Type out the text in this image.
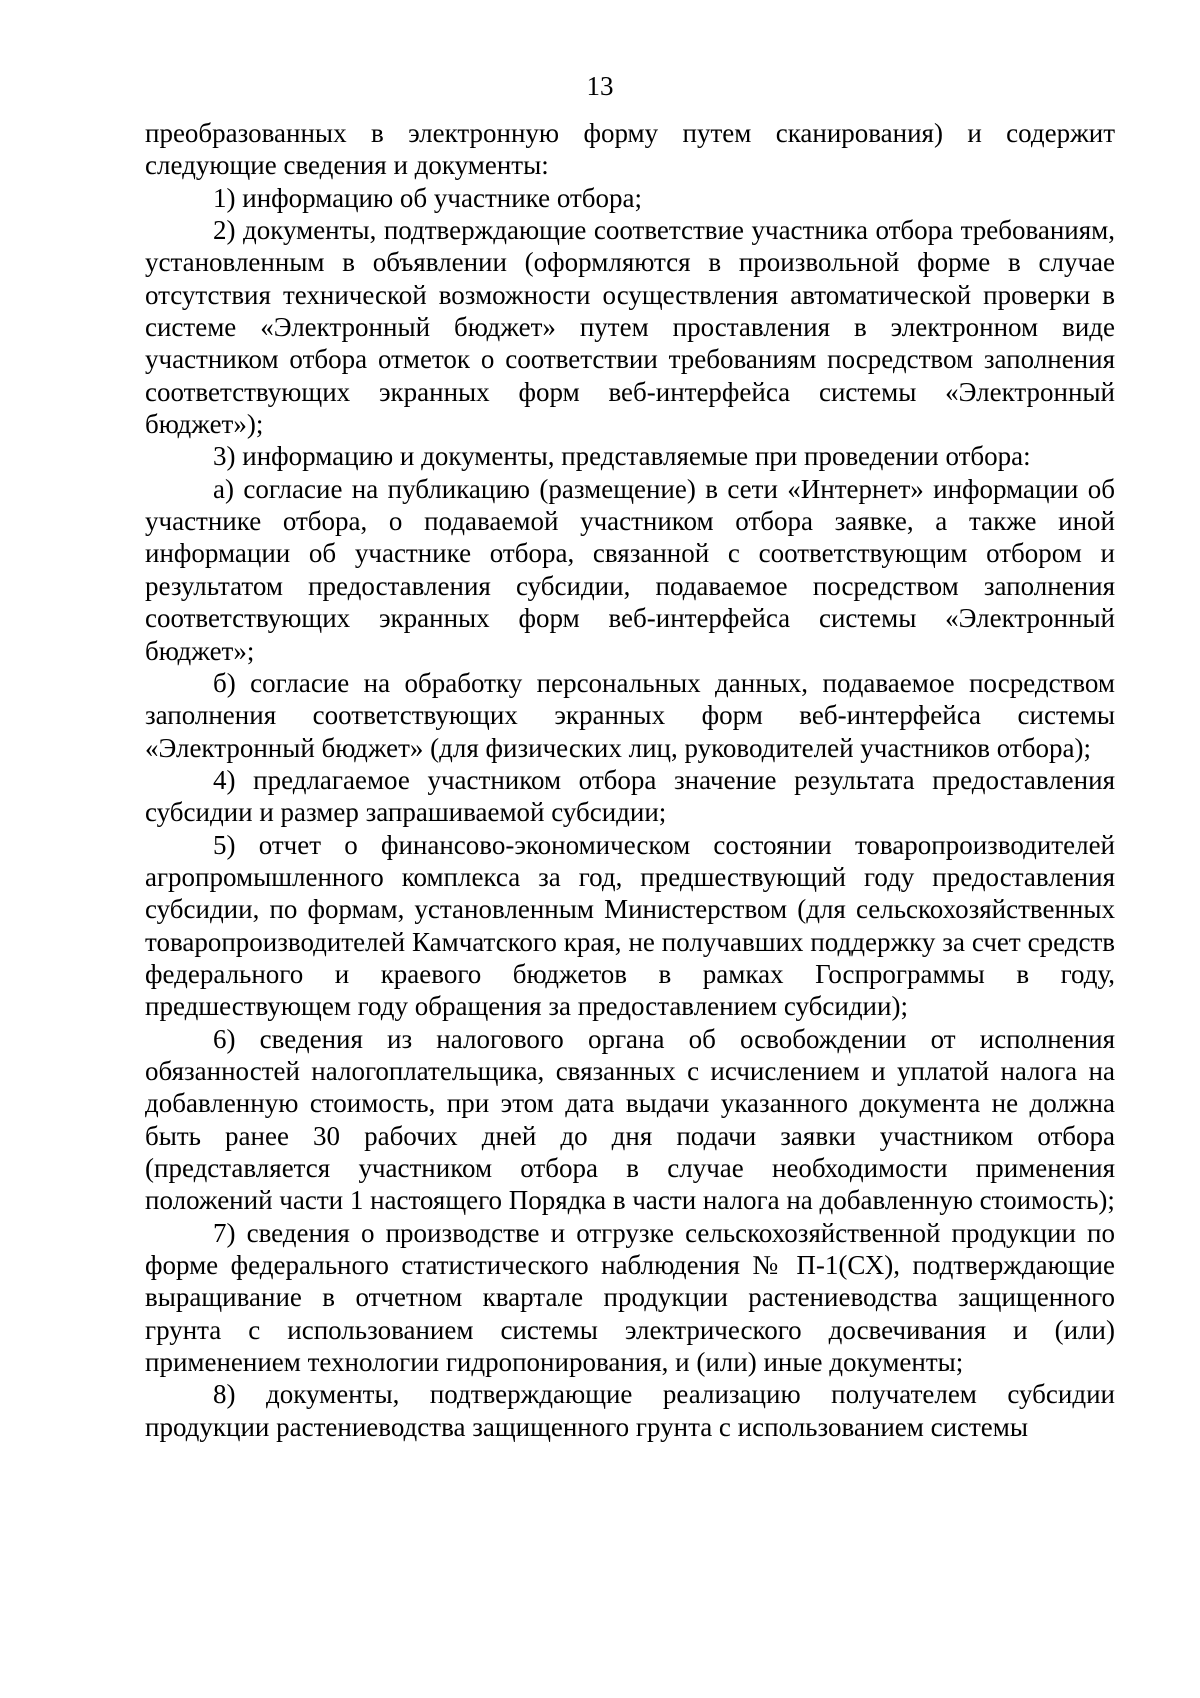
13

преобразованных в электронную форму путем сканирования) и содержит следующие сведения и документы:

1) информацию об участнике отбора;

2) документы, подтверждающие соответствие участника отбора требованиям, установленным в объявлении (оформляются в произвольной форме в случае отсутствия технической возможности осуществления автоматической проверки в системе «Электронный бюджет» путем проставления в электронном виде участником отбора отметок о соответствии требованиям посредством заполнения соответствующих экранных форм веб-интерфейса системы «Электронный бюджет»);

3) информацию и документы, представляемые при проведении отбора:

а) согласие на публикацию (размещение) в сети «Интернет» информации об участнике отбора, о подаваемой участником отбора заявке, а также иной информации об участнике отбора, связанной с соответствующим отбором и результатом предоставления субсидии, подаваемое посредством заполнения соответствующих экранных форм веб-интерфейса системы «Электронный бюджет»;

б) согласие на обработку персональных данных, подаваемое посредством заполнения соответствующих экранных форм веб-интерфейса системы «Электронный бюджет» (для физических лиц, руководителей участников отбора);

4) предлагаемое участником отбора значение результата предоставления субсидии и размер запрашиваемой субсидии;

5) отчет о финансово-экономическом состоянии товаропроизводителей агропромышленного комплекса за год, предшествующий году предоставления субсидии, по формам, установленным Министерством (для сельскохозяйственных товаропроизводителей Камчатского края, не получавших поддержку за счет средств федерального и краевого бюджетов в рамках Госпрограммы в году, предшествующем году обращения за предоставлением субсидии);

6) сведения из налогового органа об освобождении от исполнения обязанностей налогоплательщика, связанных с исчислением и уплатой налога на добавленную стоимость, при этом дата выдачи указанного документа не должна быть ранее 30 рабочих дней до дня подачи заявки участником отбора (представляется участником отбора в случае необходимости применения положений части 1 настоящего Порядка в части налога на добавленную стоимость);

7) сведения о производстве и отгрузке сельскохозяйственной продукции по форме федерального статистического наблюдения № П-1(СХ), подтверждающие выращивание в отчетном квартале продукции растениеводства защищенного грунта с использованием системы электрического досвечивания и (или) применением технологии гидропонирования, и (или) иные документы;

8) документы, подтверждающие реализацию получателем субсидии продукции растениеводства защищенного грунта с использованием системы
